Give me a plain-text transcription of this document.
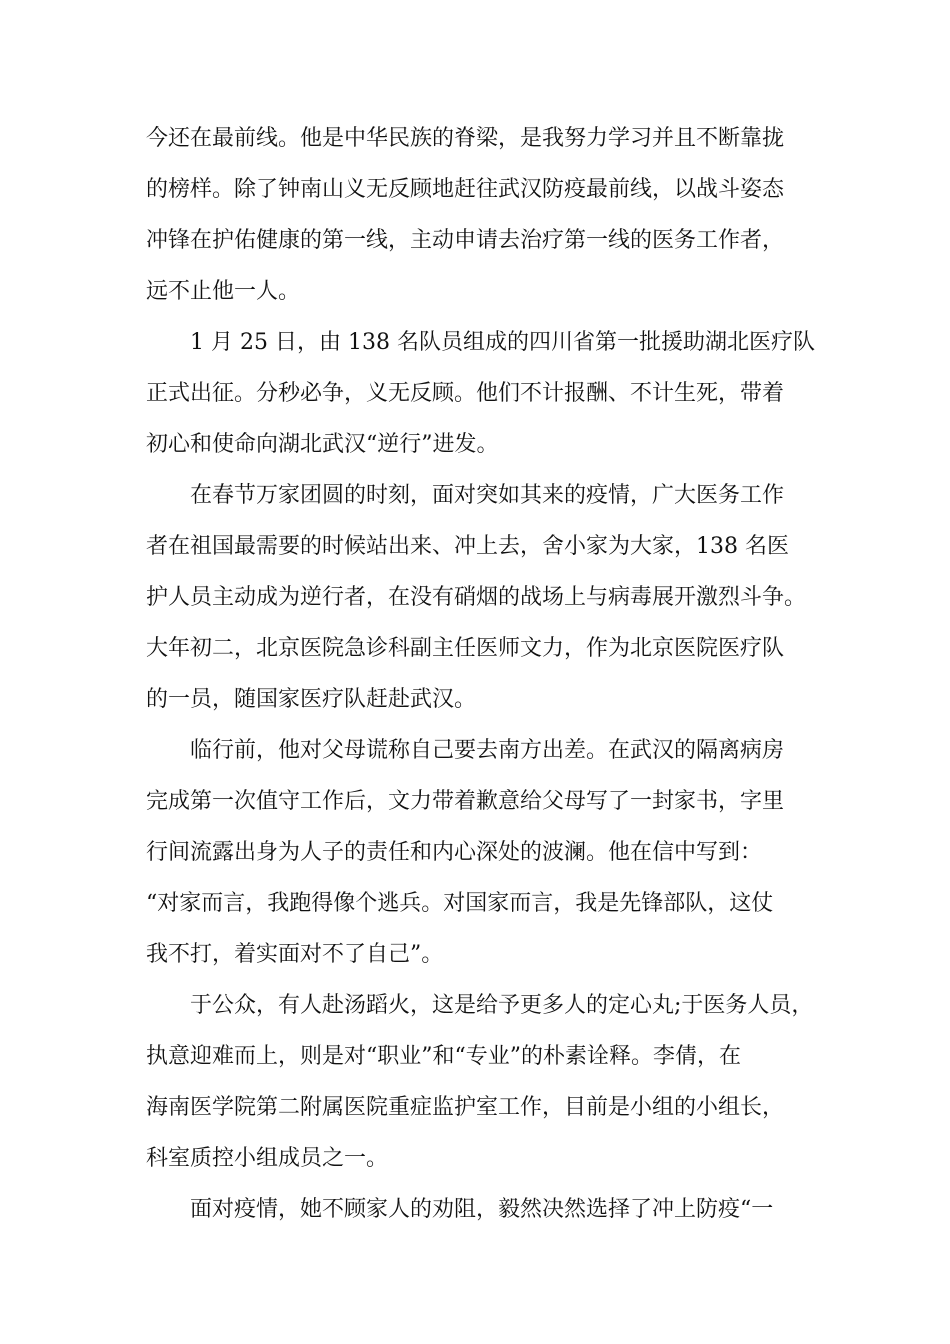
今还在最前线。他是中华民族的脊梁，是我努力学习并且不断靠拢
的榜样。除了钟南山义无反顾地赶往武汉防疫最前线，以战斗姿态
冲锋在护佑健康的第一线，主动申请去治疗第一线的医务工作者，
远不止他一人。
1 月 25 日，由 138 名队员组成的四川省第一批援助湖北医疗队
正式出征。分秒必争，义无反顾。他们不计报酬、不计生死，带着
初心和使命向湖北武汉“逆行”进发。
在春节万家团圆的时刻，面对突如其来的疫情，广大医务工作
者在祖国最需要的时候站出来、冲上去，舍小家为大家，138 名医
护人员主动成为逆行者，在没有硝烟的战场上与病毒展开激烈斗争。
大年初二，北京医院急诊科副主任医师文力，作为北京医院医疗队
的一员，随国家医疗队赶赴武汉。
临行前，他对父母谎称自己要去南方出差。在武汉的隔离病房
完成第一次值守工作后，文力带着歉意给父母写了一封家书，字里
行间流露出身为人子的责任和内心深处的波澜。他在信中写到：
“对家而言，我跑得像个逃兵。对国家而言，我是先锋部队，这仗
我不打，着实面对不了自己”。
于公众，有人赴汤蹈火，这是给予更多人的定心丸;于医务人员，
执意迎难而上，则是对“职业”和“专业”的朴素诠释。李倩，在
海南医学院第二附属医院重症监护室工作，目前是小组的小组长，
科室质控小组成员之一。
面对疫情，她不顾家人的劝阻，毅然决然选择了冲上防疫“一
